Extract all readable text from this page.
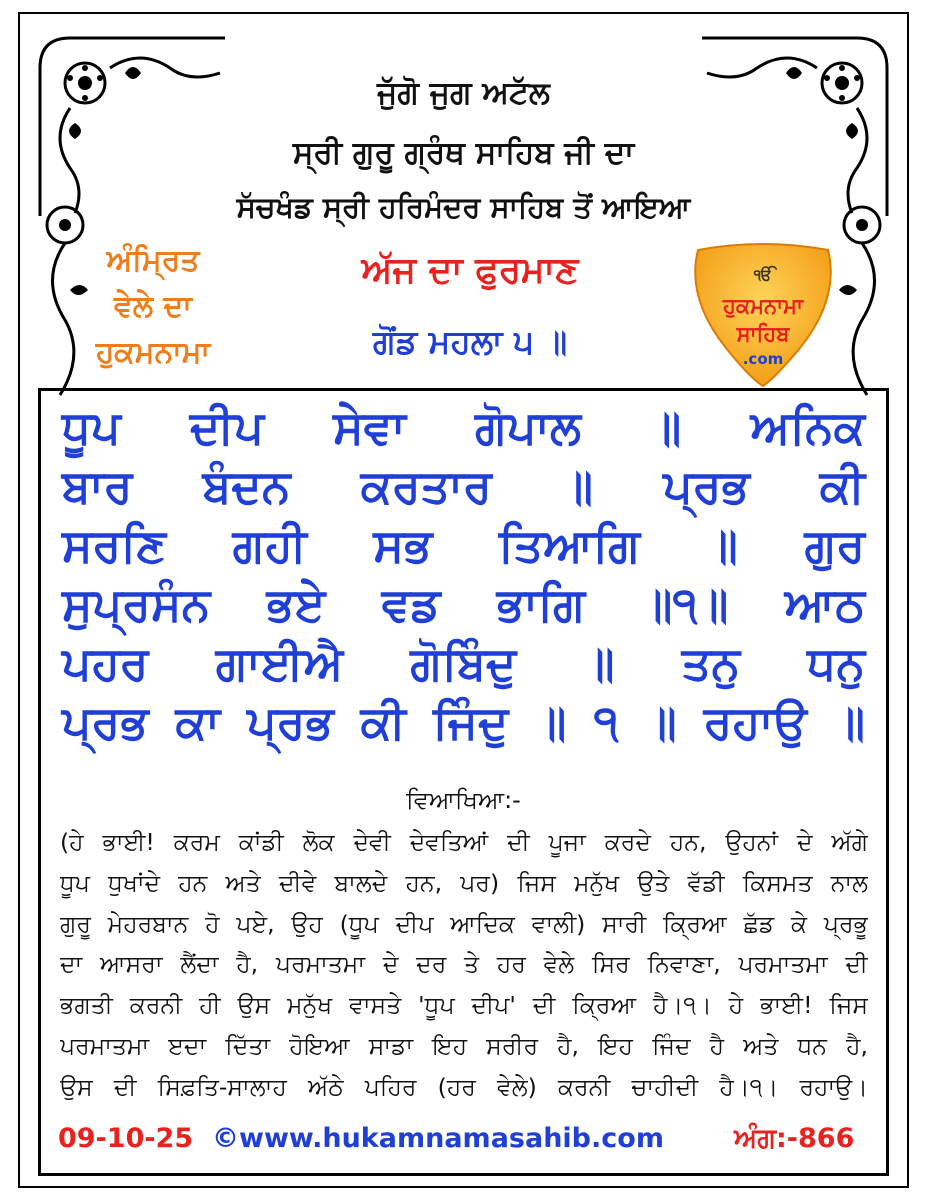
ਜੁੱਗੋ ਜੁਗ ਅਟੱਲ
ਸ੍ਰੀ ਗੁਰੂ ਗ੍ਰੰਥ ਸਾਹਿਬ ਜੀ ਦਾ
ਸੱਚਖੰਡ ਸ੍ਰੀ ਹਰਿਮੰਦਰ ਸਾਹਿਬ ਤੋਂ ਆਇਆ
ਅੰਮ੍ਰਿਤ
ਵੇਲੇ ਦਾ
ਹੁਕਮਨਾਮਾ
ਅੱਜ ਦਾ ਫੁਰਮਾਣ
ਗੋਂਡ ਮਹਲਾ ੫ ॥
ੴ
ਹੁਕਮਨਾਮਾ
ਸਾਹਿਬ
.com
ਧੂਪ ਦੀਪ ਸੇਵਾ ਗੋਪਾਲ ॥ ਅਨਿਕ
ਬਾਰ ਬੰਦਨ ਕਰਤਾਰ ॥ ਪ੍ਰਭ ਕੀ
ਸਰਣਿ ਗਹੀ ਸਭ ਤਿਆਗਿ ॥ ਗੁਰ
ਸੁਪ੍ਰਸੰਨ ਭਏ ਵਡ ਭਾਗਿ ॥੧॥ ਆਠ
ਪਹਰ ਗਾਈਐ ਗੋਬਿੰਦੁ ॥ ਤਨੁ ਧਨੁ
ਪ੍ਰਭ ਕਾ ਪ੍ਰਭ ਕੀ ਜਿੰਦੁ ॥ ੧ ॥ ਰਹਾਉ ॥
ਵਿਆਖਿਆ:-
(ਹੇ ਭਾਈ! ਕਰਮ ਕਾਂਡੀ ਲੋਕ ਦੇਵੀ ਦੇਵਤਿਆਂ ਦੀ ਪੂਜਾ ਕਰਦੇ ਹਨ, ਉਹਨਾਂ ਦੇ ਅੱਗੇ
ਧੂਪ ਧੁਖਾਂਦੇ ਹਨ ਅਤੇ ਦੀਵੇ ਬਾਲਦੇ ਹਨ, ਪਰ) ਜਿਸ ਮਨੁੱਖ ਉਤੇ ਵੱਡੀ ਕਿਸਮਤ ਨਾਲ
ਗੁਰੂ ਮੇਹਰਬਾਨ ਹੋ ਪਏ, ਉਹ (ਧੂਪ ਦੀਪ ਆਦਿਕ ਵਾਲੀ) ਸਾਰੀ ਕ੍ਰਿਆ ਛੱਡ ਕੇ ਪ੍ਰਭੂ
ਦਾ ਆਸਰਾ ਲੈਂਦਾ ਹੈ, ਪਰਮਾਤਮਾ ਦੇ ਦਰ ਤੇ ਹਰ ਵੇਲੇ ਸਿਰ ਨਿਵਾਣਾ, ਪਰਮਾਤਮਾ ਦੀ
ਭਗਤੀ ਕਰਨੀ ਹੀ ਉਸ ਮਨੁੱਖ ਵਾਸਤੇ 'ਧੂਪ ਦੀਪ' ਦੀ ਕ੍ਰਿਆ ਹੈ।੧। ਹੇ ਭਾਈ! ਜਿਸ
ਪਰਮਾਤਮਾ ੲਦਾ ਦਿੱਤਾ ਹੋਇਆ ਸਾਡਾ ਇਹ ਸਰੀਰ ਹੈ, ਇਹ ਜਿੰਦ ਹੈ ਅਤੇ ਧਨ ਹੈ,
ਉਸ ਦੀ ਸਿਫ਼ਤਿ-ਸਾਲਾਹ ਅੱਠੇ ਪਹਿਰ (ਹਰ ਵੇਲੇ) ਕਰਨੀ ਚਾਹੀਦੀ ਹੈ।੧। ਰਹਾਉ।
09-10-25 ©www.hukamnamasahib.com	ਅੰਗ:-866
